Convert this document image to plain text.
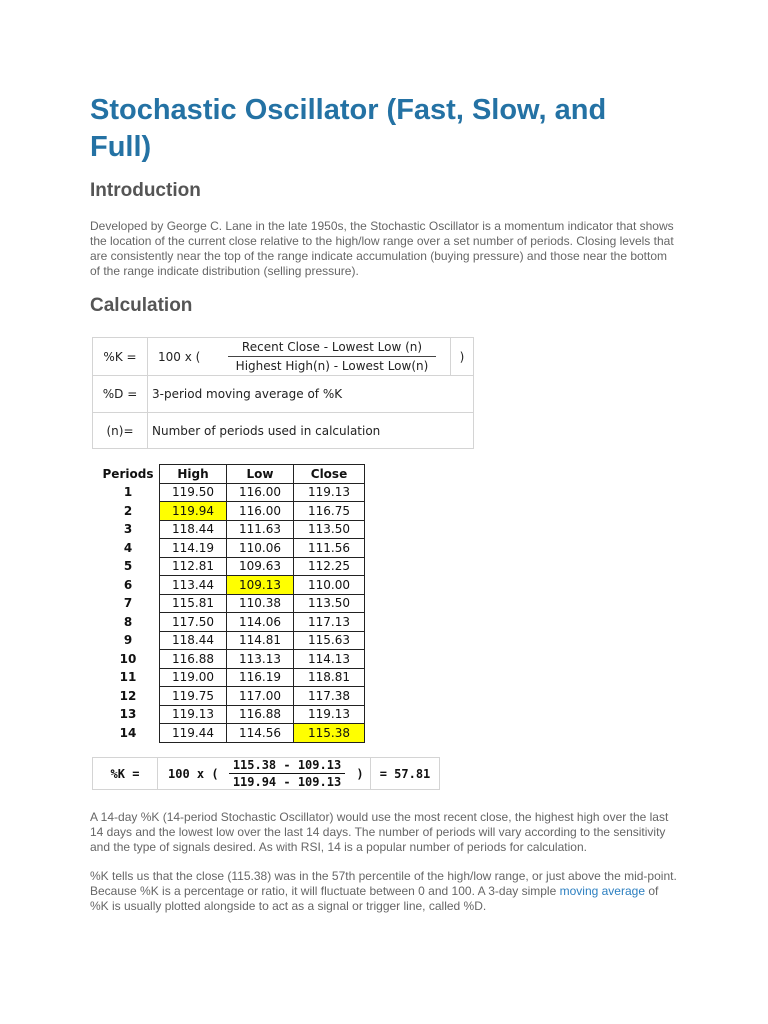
Stochastic Oscillator (Fast, Slow, and Full)
Introduction

Developed by George C. Lane in the late 1950s, the Stochastic Oscillator is a momentum indicator that shows the location of the current close relative to the high/low range over a set number of periods. Closing levels that are consistently near the top of the range indicate accumulation (buying pressure) and those near the bottom of the range indicate distribution (selling pressure).

Calculation
%K =	100 x (	$\frac{\text{Recent Close - Lowest Low (n)}}{\text{Highest High(n) - Lowest Low(n)}}$	)
%D =	3-period moving average of %K		
(n)=	Number of periods used in calculation		
Periods	High	Low	Close
1	119.50	116.00	119.13
2	119.94	116.00	116.75
3	118.44	111.63	113.50
4	114.19	110.06	111.56
5	112.81	109.63	112.25
6	113.44	109.13	110.00
7	115.81	110.38	113.50
8	117.50	114.06	117.13
9	118.44	114.81	115.63
10	116.88	113.13	114.13
11	119.00	116.19	118.81
12	119.75	117.00	117.38
13	119.13	116.88	119.13
14	119.44	114.56	115.38
%K =	100 x (	$\frac{115.38 - 109.13}{119.94 - 109.13}$	)	= 57.81

A 14-day %K (14-period Stochastic Oscillator) would use the most recent close, the highest high over the last 14 days and the lowest low over the last 14 days. The number of periods will vary according to the sensitivity and the type of signals desired. As with RSI, 14 is a popular number of periods for calculation.

%K tells us that the close (115.38) was in the 57th percentile of the high/low range, or just above the mid-point. Because %K is a percentage or ratio, it will fluctuate between 0 and 100. A 3-day simple moving average of %K is usually plotted alongside to act as a signal or trigger line, called %D.
